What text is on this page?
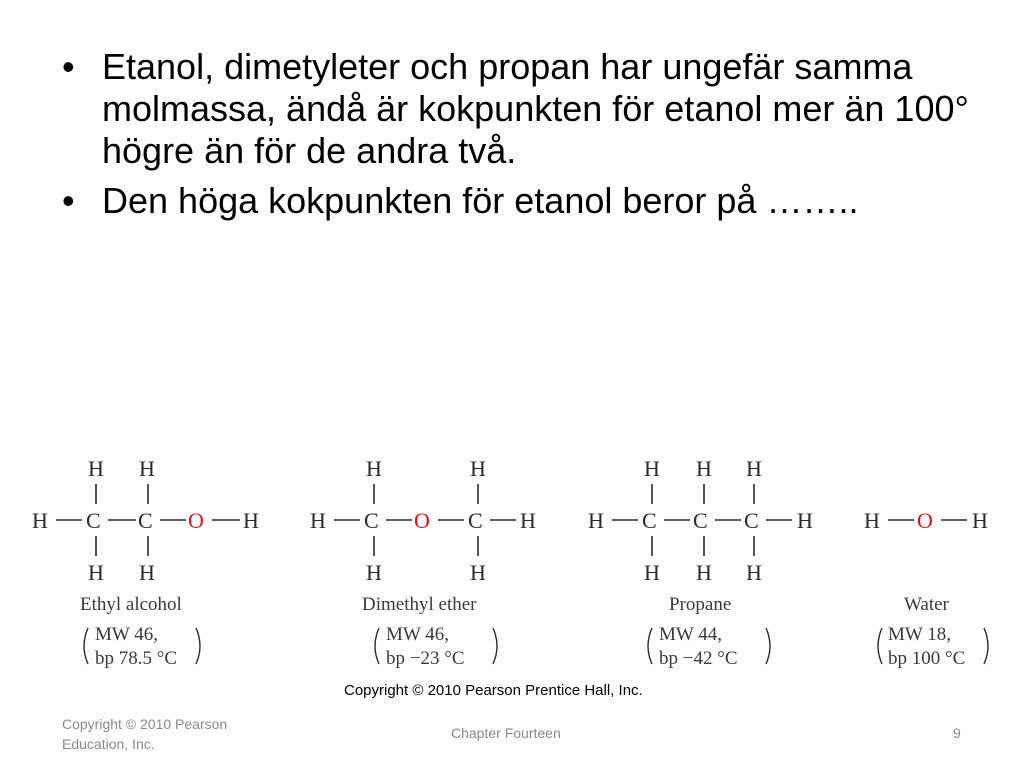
• Etanol, dimetyleter och propan har ungefär samma molmassa, ändå är kokpunkten för etanol mer än 100° högre än för de andra två.
• Den höga kokpunkten för etanol beror på ……..
H H
H C C O H
H H
Ethyl alcohol
MW 46,
bp 78.5 °C
H	H
H C O C H
H	H
Dimethyl ether
MW 46,
bp −23 °C
H H H
H C C C H
H H H
Propane
MW 44,
bp −42 °C
H O H
Water
MW 18,
bp 100 °C
Copyright © 2010 Pearson Prentice Hall, Inc.
Copyright © 2010 Pearson Education, Inc.
Chapter Fourteen	9
